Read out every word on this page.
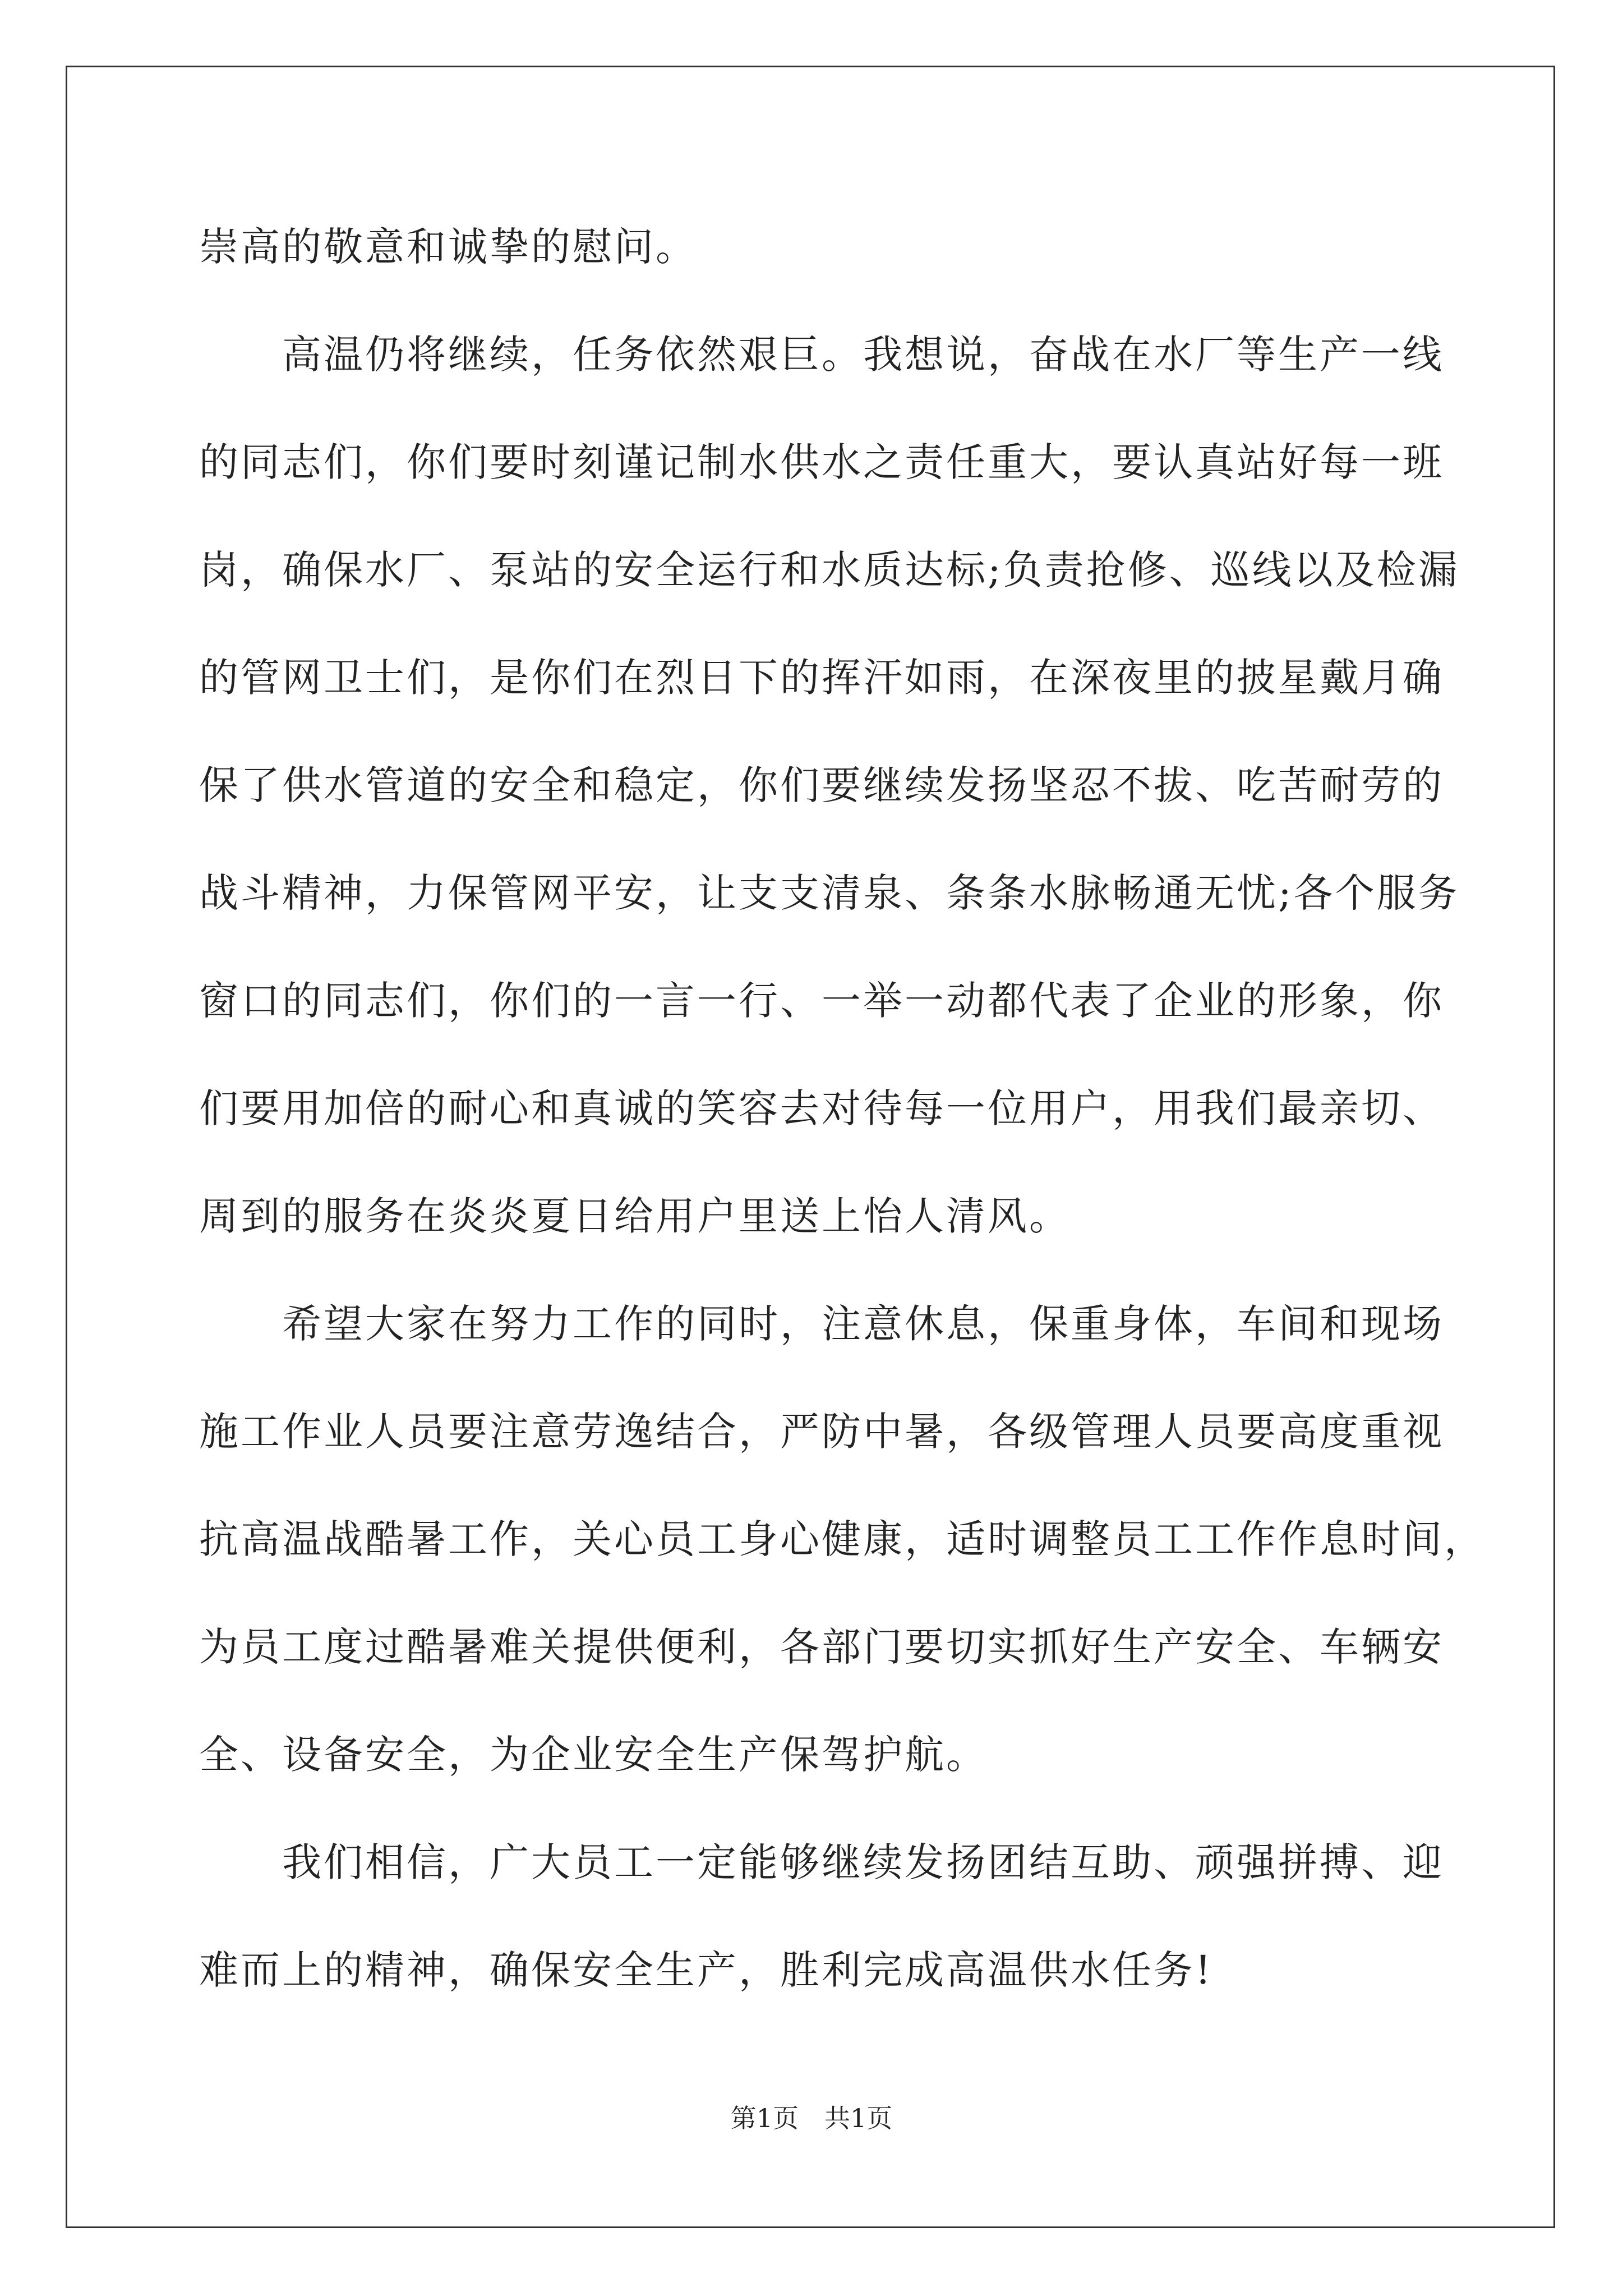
崇高的敬意和诚挚的慰问。
高温仍将继续，任务依然艰巨。我想说，奋战在水厂等生产一线
的同志们，你们要时刻谨记制水供水之责任重大，要认真站好每一班
岗，确保水厂、泵站的安全运行和水质达标;负责抢修、巡线以及检漏
的管网卫士们，是你们在烈日下的挥汗如雨，在深夜里的披星戴月确
保了供水管道的安全和稳定，你们要继续发扬坚忍不拔、吃苦耐劳的
战斗精神，力保管网平安，让支支清泉、条条水脉畅通无忧;各个服务
窗口的同志们，你们的一言一行、一举一动都代表了企业的形象，你
们要用加倍的耐心和真诚的笑容去对待每一位用户，用我们最亲切、
周到的服务在炎炎夏日给用户里送上怡人清风。
希望大家在努力工作的同时，注意休息，保重身体，车间和现场
施工作业人员要注意劳逸结合，严防中暑，各级管理人员要高度重视
抗高温战酷暑工作，关心员工身心健康，适时调整员工工作作息时间，
为员工度过酷暑难关提供便利，各部门要切实抓好生产安全、车辆安
全、设备安全，为企业安全生产保驾护航。
我们相信，广大员工一定能够继续发扬团结互助、顽强拼搏、迎
难而上的精神，确保安全生产，胜利完成高温供水任务!
第1页　共1页
